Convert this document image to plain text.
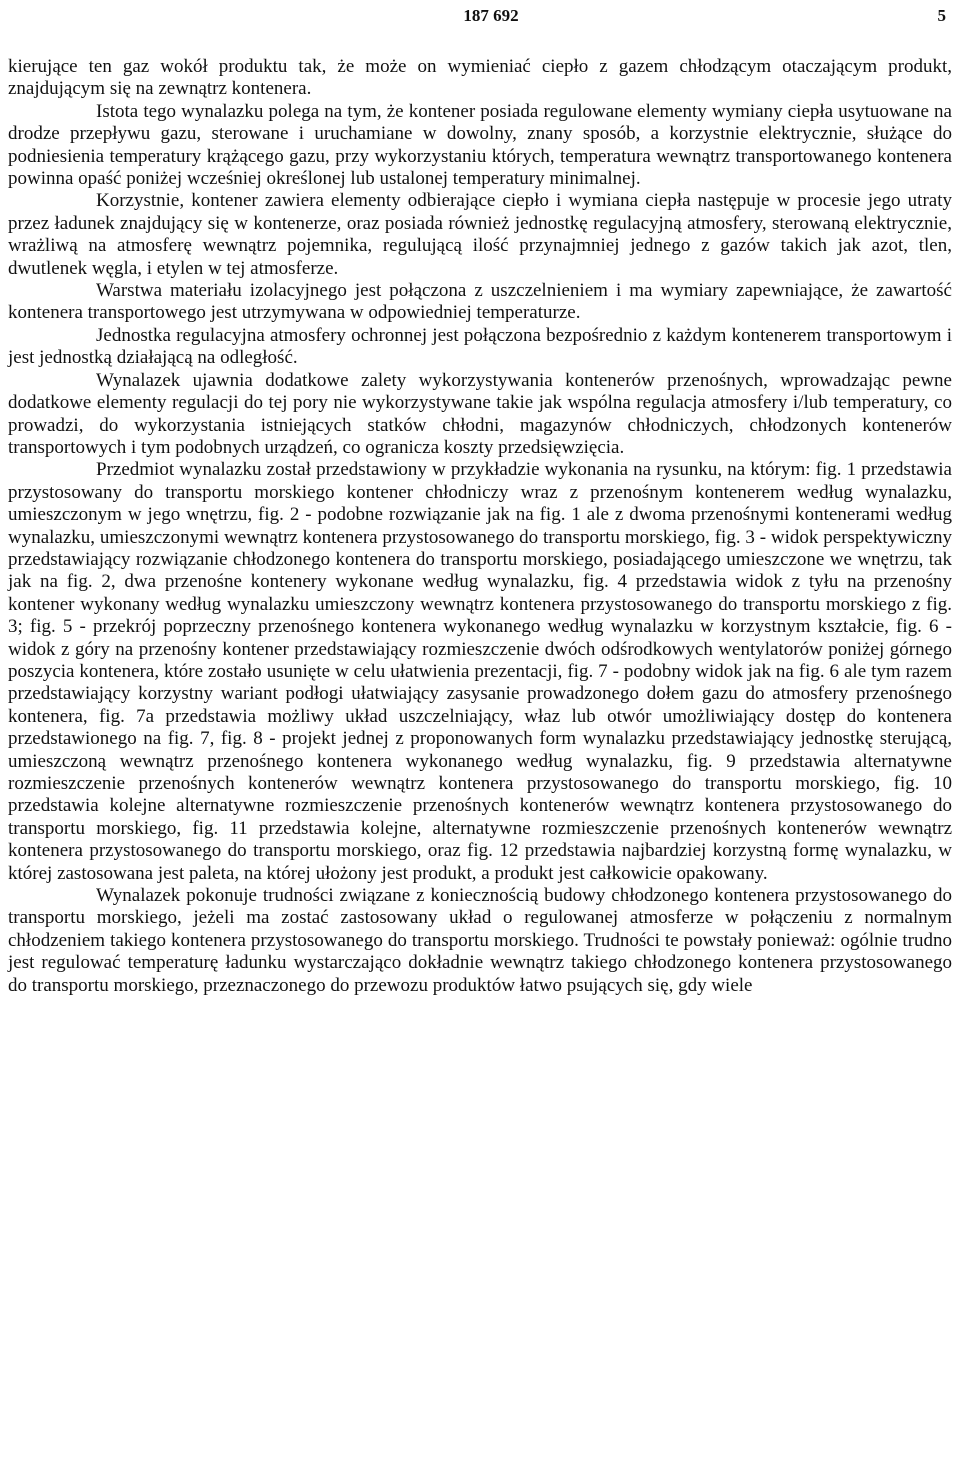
187 692	5

kierujące ten gaz wokół produktu tak, że może on wymieniać ciepło z gazem chłodzącym otaczającym produkt, znajdującym się na zewnątrz kontenera.

Istota tego wynalazku polega na tym, że kontener posiada regulowane elementy wymiany ciepła usytuowane na drodze przepływu gazu, sterowane i uruchamiane w dowolny, znany sposób, a korzystnie elektrycznie, służące do podniesienia temperatury krążącego gazu, przy wykorzystaniu których, temperatura wewnątrz transportowanego kontenera powinna opaść poniżej wcześniej określonej lub ustalonej temperatury minimalnej.

Korzystnie, kontener zawiera elementy odbierające ciepło i wymiana ciepła następuje w procesie jego utraty przez ładunek znajdujący się w kontenerze, oraz posiada również jednostkę regulacyjną atmosfery, sterowaną elektrycznie, wrażliwą na atmosferę wewnątrz pojemnika, regulującą ilość przynajmniej jednego z gazów takich jak azot, tlen, dwutlenek węgla, i etylen w tej atmosferze.

Warstwa materiału izolacyjnego jest połączona z uszczelnieniem i ma wymiary zapewniające, że zawartość kontenera transportowego jest utrzymywana w odpowiedniej temperaturze.

Jednostka regulacyjna atmosfery ochronnej jest połączona bezpośrednio z każdym kontenerem transportowym i jest jednostką działającą na odległość.

Wynalazek ujawnia dodatkowe zalety wykorzystywania kontenerów przenośnych, wprowadzając pewne dodatkowe elementy regulacji do tej pory nie wykorzystywane takie jak wspólna regulacja atmosfery i/lub temperatury, co prowadzi, do wykorzystania istniejących statków chłodni, magazynów chłodniczych, chłodzonych kontenerów transportowych i tym podobnych urządzeń, co ogranicza koszty przedsięwzięcia.

Przedmiot wynalazku został przedstawiony w przykładzie wykonania na rysunku, na którym: fig. 1 przedstawia przystosowany do transportu morskiego kontener chłodniczy wraz z przenośnym kontenerem według wynalazku, umieszczonym w jego wnętrzu, fig. 2 - podobne rozwiązanie jak na fig. 1 ale z dwoma przenośnymi kontenerami według wynalazku, umieszczonymi wewnątrz kontenera przystosowanego do transportu morskiego, fig. 3 - widok perspektywiczny przedstawiający rozwiązanie chłodzonego kontenera do transportu morskiego, posiadającego umieszczone we wnętrzu, tak jak na fig. 2, dwa przenośne kontenery wykonane według wynalazku, fig. 4 przedstawia widok z tyłu na przenośny kontener wykonany według wynalazku umieszczony wewnątrz kontenera przystosowanego do transportu morskiego z fig. 3; fig. 5 - przekrój poprzeczny przenośnego kontenera wykonanego według wynalazku w korzystnym kształcie, fig. 6 -widok z góry na przenośny kontener przedstawiający rozmieszczenie dwóch odśrodkowych wentylatorów poniżej górnego poszycia kontenera, które zostało usunięte w celu ułatwienia prezentacji, fig. 7 - podobny widok jak na fig. 6 ale tym razem przedstawiający korzystny wariant podłogi ułatwiający zasysanie prowadzonego dołem gazu do atmosfery przenośnego kontenera, fig. 7a przedstawia możliwy układ uszczelniający, właz lub otwór umożliwiający dostęp do kontenera przedstawionego na fig. 7, fig. 8 - projekt jednej z proponowanych form wynalazku przedstawiający jednostkę sterującą, umieszczoną wewnątrz przenośnego kontenera wykonanego według wynalazku, fig. 9 przedstawia alternatywne rozmieszczenie przenośnych kontenerów wewnątrz kontenera przystosowanego do transportu morskiego, fig. 10 przedstawia kolejne alternatywne rozmieszczenie przenośnych kontenerów wewnątrz kontenera przystosowanego do transportu morskiego, fig. 11 przedstawia kolejne, alternatywne rozmieszczenie przenośnych kontenerów wewnątrz kontenera przystosowanego do transportu morskiego, oraz fig. 12 przedstawia najbardziej korzystną formę wynalazku, w której zastosowana jest paleta, na której ułożony jest produkt, a produkt jest całkowicie opakowany.

Wynalazek pokonuje trudności związane z koniecznością budowy chłodzonego kontenera przystosowanego do transportu morskiego, jeżeli ma zostać zastosowany układ o regulowanej atmosferze w połączeniu z normalnym chłodzeniem takiego kontenera przystosowanego do transportu morskiego. Trudności te powstały ponieważ: ogólnie trudno jest regulować temperaturę ładunku wystarczająco dokładnie wewnątrz takiego chłodzonego kontenera przystosowanego do transportu morskiego, przeznaczonego do przewozu produktów łatwo psujących się, gdy wiele
